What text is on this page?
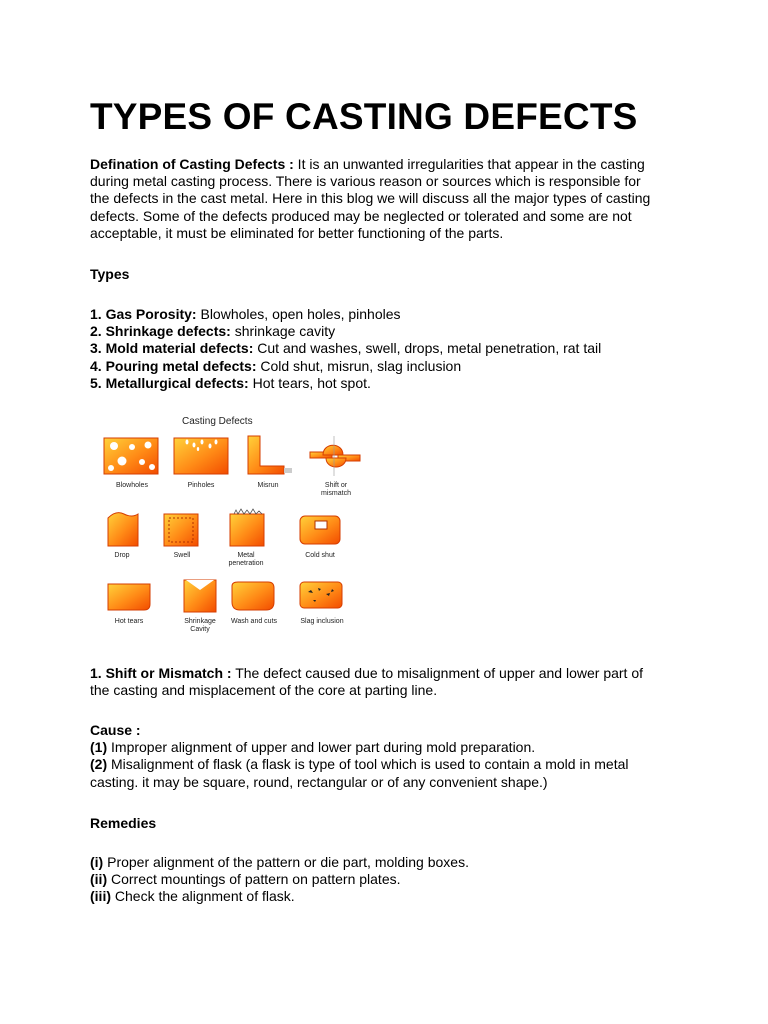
TYPES OF CASTING DEFECTS
Defination of Casting Defects : It is an unwanted irregularities that appear in the casting
during metal casting process. There is various reason or sources which is responsible for
the defects in the cast metal. Here in this blog we will discuss all the major types of casting
defects. Some of the defects produced may be neglected or tolerated and some are not
acceptable, it must be eliminated for better functioning of the parts.
Types
1. Gas Porosity: Blowholes, open holes, pinholes
2. Shrinkage defects: shrinkage cavity
3. Mold material defects: Cut and washes, swell, drops, metal penetration, rat tail
4. Pouring metal defects: Cold shut, misrun, slag inclusion
5. Metallurgical defects: Hot tears, hot spot.
Casting Defects
Blowholes	Pinholes	Misrun	Shift or
mismatch
Drop	Swell	Metal
penetration
Cold shut
Hot tears	Shrinkage
Cavity
Wash and cuts	Slag inclusion
1. Shift or Mismatch : The defect caused due to misalignment of upper and lower part of
the casting and misplacement of the core at parting line.
Cause :
(1) Improper alignment of upper and lower part during mold preparation.
(2) Misalignment of flask (a flask is type of tool which is used to contain a mold in metal
casting. it may be square, round, rectangular or of any convenient shape.)
Remedies
(i) Proper alignment of the pattern or die part, molding boxes.
(ii) Correct mountings of pattern on pattern plates.
(iii) Check the alignment of flask.
